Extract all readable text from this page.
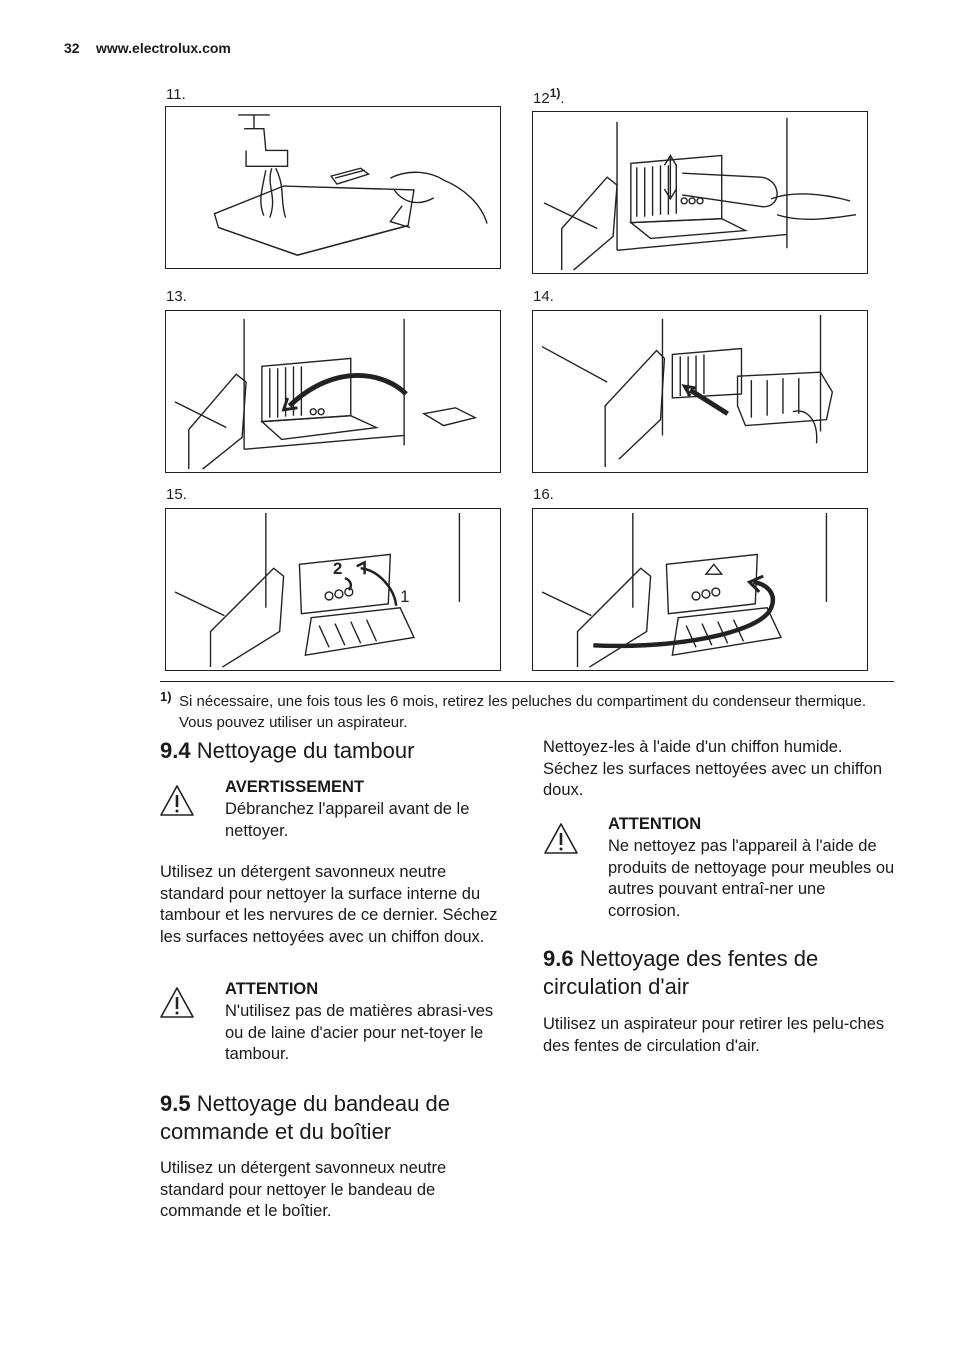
32 www.electrolux.com
11.	12$^{1)}$.
13.	14.
15.
2
1
16.
1) Si nécessaire, une fois tous les 6 mois, retirez les peluches du compartiment du condenseur thermique. Vous pouvez utiliser un aspirateur.
9.4 Nettoyage du tambour
AVERTISSEMENT

Débranchez l'appareil avant de le nettoyer.

Utilisez un détergent savonneux neutre standard pour nettoyer la surface interne du tambour et les nervures de ce dernier. Séchez les surfaces nettoyées avec un chiffon doux.

ATTENTION

N'utilisez pas de matières abrasi-ves ou de laine d'acier pour net-toyer le tambour.

9.5 Nettoyage du bandeau de commande et du boîtier

Utilisez un détergent savonneux neutre standard pour nettoyer le bandeau de commande et le boîtier.

Nettoyez-les à l'aide d'un chiffon humide. Séchez les surfaces nettoyées avec un chiffon doux.

ATTENTION

Ne nettoyez pas l'appareil à l'aide de produits de nettoyage pour meubles ou autres pouvant entraî-ner une corrosion.

9.6 Nettoyage des fentes de circulation d'air

Utilisez un aspirateur pour retirer les pelu-ches des fentes de circulation d'air.
